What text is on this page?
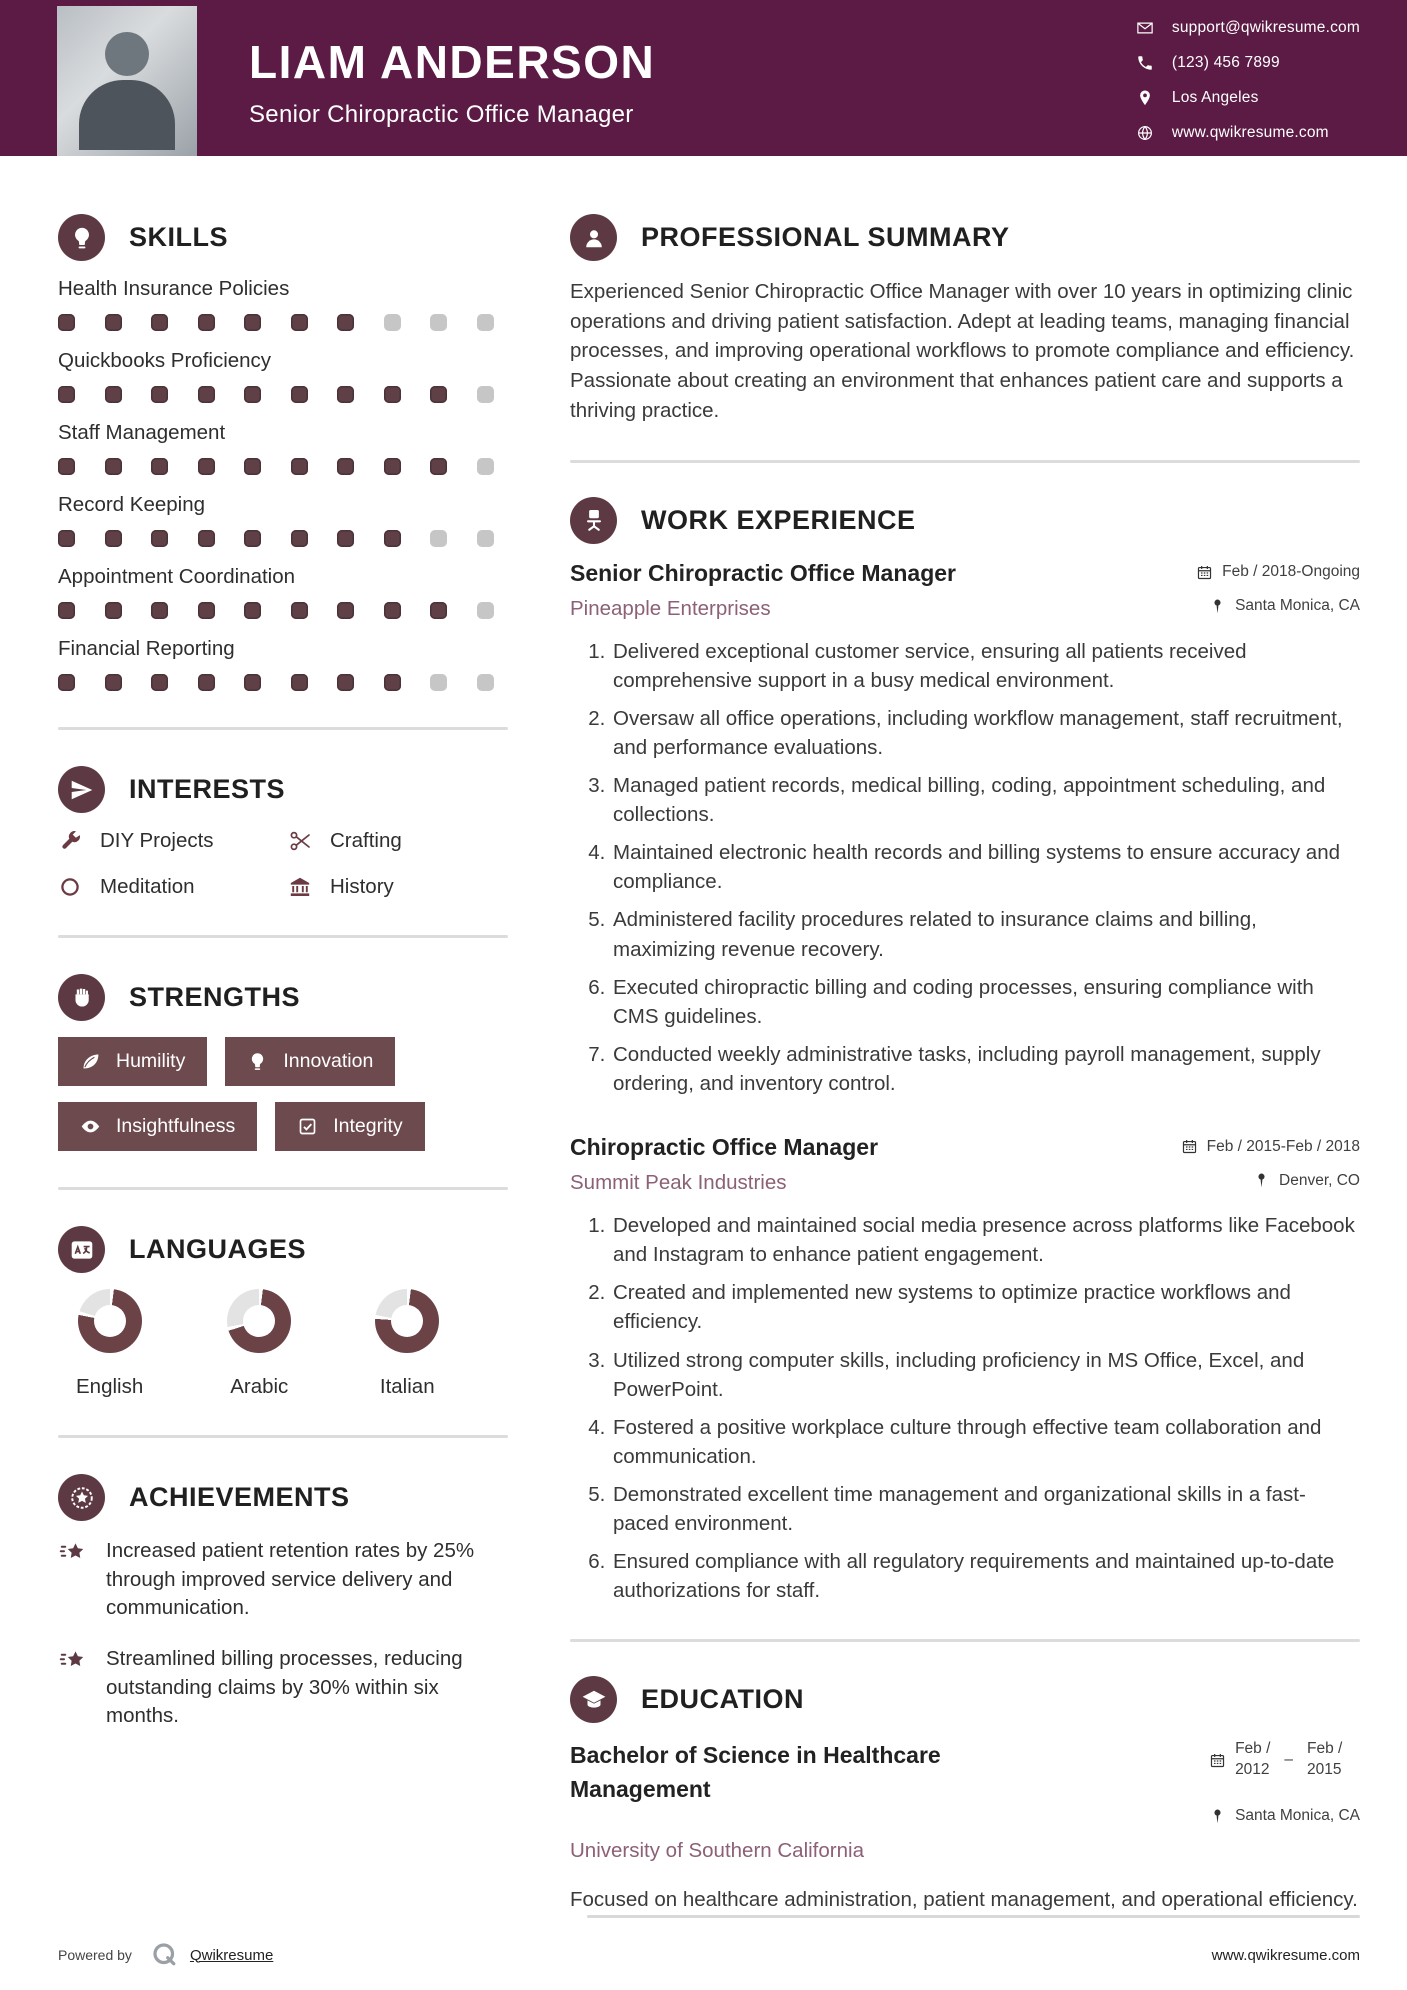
LIAM ANDERSON
Senior Chiropractic Office Manager
support@qwikresume.com
(123) 456 7899
Los Angeles
www.qwikresume.com
SKILLS
Health Insurance Policies
Quickbooks Proficiency
Staff Management
Record Keeping
Appointment Coordination
Financial Reporting
INTERESTS
DIY Projects	Crafting
Meditation	History
STRENGTHS
Humility	Innovation
Insightfulness	Integrity
LANGUAGES
English	Arabic	Italian
ACHIEVEMENTS

Increased patient retention rates by 25% through improved service delivery and communication.

Streamlined billing processes, reducing outstanding claims by 30% within six months.

PROFESSIONAL SUMMARY

Experienced Senior Chiropractic Office Manager with over 10 years in optimizing clinic operations and driving patient satisfaction. Adept at leading teams, managing financial processes, and improving operational workflows to promote compliance and efficiency. Passionate about creating an environment that enhances patient care and supports a thriving practice.

WORK EXPERIENCE
Senior Chiropractic Office Manager	Feb / 2018-Ongoing
Pineapple Enterprises	Santa Monica, CA
1. Delivered exceptional customer service, ensuring all patients received comprehensive support in a busy medical environment.
2. Oversaw all office operations, including workflow management, staff recruitment, and performance evaluations.
3. Managed patient records, medical billing, coding, appointment scheduling, and collections.
4. Maintained electronic health records and billing systems to ensure accuracy and compliance.
5. Administered facility procedures related to insurance claims and billing, maximizing revenue recovery.
6. Executed chiropractic billing and coding processes, ensuring compliance with CMS guidelines.
7. Conducted weekly administrative tasks, including payroll management, supply ordering, and inventory control.
Chiropractic Office Manager	Feb / 2015-Feb / 2018
Summit Peak Industries	Denver, CO
1. Developed and maintained social media presence across platforms like Facebook and Instagram to enhance patient engagement.
2. Created and implemented new systems to optimize practice workflows and efficiency.
3. Utilized strong computer skills, including proficiency in MS Office, Excel, and PowerPoint.
4. Fostered a positive workplace culture through effective team collaboration and communication.
5. Demonstrated excellent time management and organizational skills in a fast-paced environment.
6. Ensured compliance with all regulatory requirements and maintained up-to-date authorizations for staff.
EDUCATION
Bachelor of Science in Healthcare Management
Feb /
2012
–
Feb /
2015
Santa Monica, CA
University of Southern California

Focused on healthcare administration, patient management, and operational efficiency.

Powered by	Qwikresume	www.qwikresume.com
